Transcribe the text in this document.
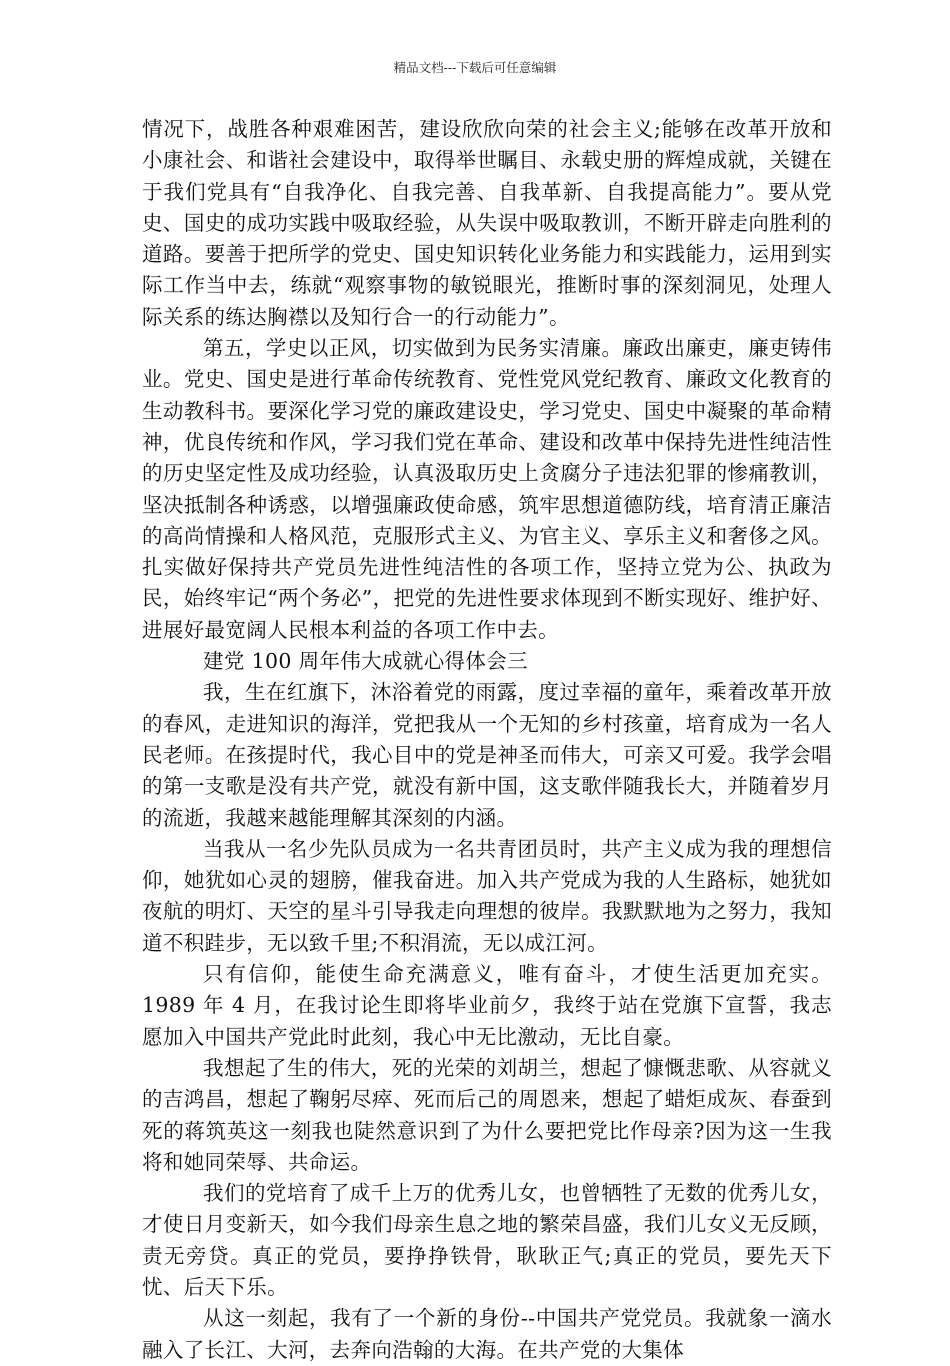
精品文档---下载后可任意编辑

情况下，战胜各种艰难困苦，建设欣欣向荣的社会主义;能够在改革开放和小康社会、和谐社会建设中，取得举世瞩目、永载史册的辉煌成就，关键在于我们党具有“自我净化、自我完善、自我革新、自我提高能力”。要从党史、国史的成功实践中吸取经验，从失误中吸取教训，不断开辟走向胜利的道路。要善于把所学的党史、国史知识转化业务能力和实践能力，运用到实际工作当中去，练就“观察事物的敏锐眼光，推断时事的深刻洞见，处理人际关系的练达胸襟以及知行合一的行动能力”。

第五，学史以正风，切实做到为民务实清廉。廉政出廉吏，廉吏铸伟业。党史、国史是进行革命传统教育、党性党风党纪教育、廉政文化教育的生动教科书。要深化学习党的廉政建设史，学习党史、国史中凝聚的革命精神，优良传统和作风，学习我们党在革命、建设和改革中保持先进性纯洁性的历史坚定性及成功经验，认真汲取历史上贪腐分子违法犯罪的惨痛教训，坚决抵制各种诱惑，以增强廉政使命感，筑牢思想道德防线，培育清正廉洁的高尚情操和人格风范，克服形式主义、为官主义、享乐主义和奢侈之风。扎实做好保持共产党员先进性纯洁性的各项工作，坚持立党为公、执政为民，始终牢记“两个务必”，把党的先进性要求体现到不断实现好、维护好、进展好最宽阔人民根本利益的各项工作中去。

建党 100 周年伟大成就心得体会三

我，生在红旗下，沐浴着党的雨露，度过幸福的童年，乘着改革开放的春风，走进知识的海洋，党把我从一个无知的乡村孩童，培育成为一名人民老师。在孩提时代，我心目中的党是神圣而伟大，可亲又可爱。我学会唱的第一支歌是没有共产党，就没有新中国，这支歌伴随我长大，并随着岁月的流逝，我越来越能理解其深刻的内涵。

当我从一名少先队员成为一名共青团员时，共产主义成为我的理想信仰，她犹如心灵的翅膀，催我奋进。加入共产党成为我的人生路标，她犹如夜航的明灯、天空的星斗引导我走向理想的彼岸。我默默地为之努力，我知道不积跬步，无以致千里;不积涓流，无以成江河。

只有信仰，能使生命充满意义，唯有奋斗，才使生活更加充实。1989 年 4 月，在我讨论生即将毕业前夕，我终于站在党旗下宣誓，我志愿加入中国共产党此时此刻，我心中无比激动，无比自豪。

我想起了生的伟大，死的光荣的刘胡兰，想起了慷慨悲歌、从容就义的吉鸿昌，想起了鞠躬尽瘁、死而后己的周恩来，想起了蜡炬成灰、春蚕到死的蒋筑英这一刻我也陡然意识到了为什么要把党比作母亲?因为这一生我将和她同荣辱、共命运。

我们的党培育了成千上万的优秀儿女，也曾牺牲了无数的优秀儿女，才使日月变新天，如今我们母亲生息之地的繁荣昌盛，我们儿女义无反顾，责无旁贷。真正的党员，要挣挣铁骨，耿耿正气;真正的党员，要先天下忧、后天下乐。

从这一刻起，我有了一个新的身份--中国共产党党员。我就象一滴水融入了长江、大河，去奔向浩翰的大海。在共产党的大集体
